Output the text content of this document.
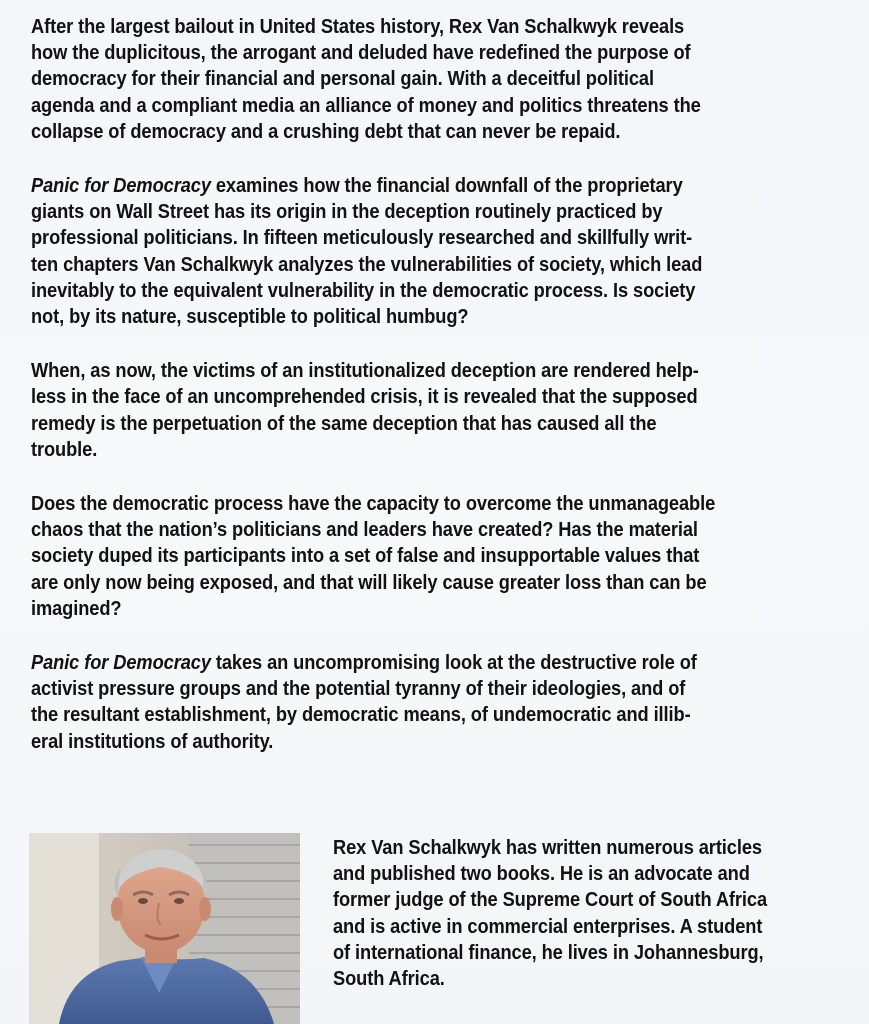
After the largest bailout in United States history, Rex Van Schalkwyk reveals
how the duplicitous, the arrogant and deluded have redefined the purpose of
democracy for their financial and personal gain. With a deceitful political
agenda and a compliant media an alliance of money and politics threatens the
collapse of democracy and a crushing debt that can never be repaid.

Panic for Democracy examines how the financial downfall of the proprietary
giants on Wall Street has its origin in the deception routinely practiced by
professional politicians. In fifteen meticulously researched and skillfully writ-
ten chapters Van Schalkwyk analyzes the vulnerabilities of society, which lead
inevitably to the equivalent vulnerability in the democratic process. Is society
not, by its nature, susceptible to political humbug?

When, as now, the victims of an institutionalized deception are rendered help-
less in the face of an uncomprehended crisis, it is revealed that the supposed
remedy is the perpetuation of the same deception that has caused all the
trouble.

Does the democratic process have the capacity to overcome the unmanageable
chaos that the nation’s politicians and leaders have created? Has the material
society duped its participants into a set of false and insupportable values that
are only now being exposed, and that will likely cause greater loss than can be
imagined?

Panic for Democracy takes an uncompromising look at the destructive role of
activist pressure groups and the potential tyranny of their ideologies, and of
the resultant establishment, by democratic means, of undemocratic and illib-
eral institutions of authority.

Rex Van Schalkwyk has written numerous articles
and published two books. He is an advocate and
former judge of the Supreme Court of South Africa
and is active in commercial enterprises. A student
of international finance, he lives in Johannesburg,
South Africa.
